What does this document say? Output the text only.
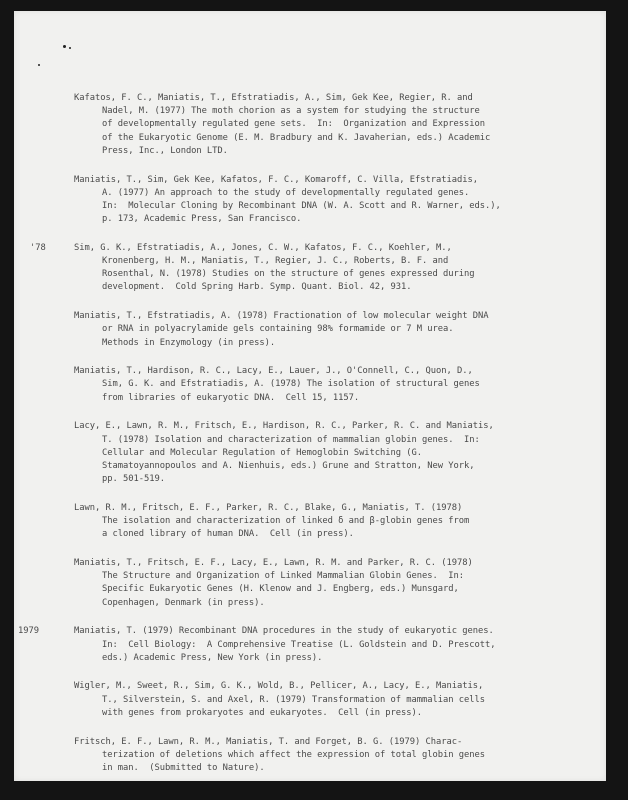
Kafatos, F. C., Maniatis, T., Efstratiadis, A., Sim, Gek Kee, Regier, R. and
Nadel, M. (1977) The moth chorion as a system for studying the structure
of developmentally regulated gene sets.  In:  Organization and Expression
of the Eukaryotic Genome (E. M. Bradbury and K. Javaherian, eds.) Academic
Press, Inc., London LTD.
Maniatis, T., Sim, Gek Kee, Kafatos, F. C., Komaroff, C. Villa, Efstratiadis,
A. (1977) An approach to the study of developmentally regulated genes.
In:  Molecular Cloning by Recombinant DNA (W. A. Scott and R. Warner, eds.),
p. 173, Academic Press, San Francisco.
'78	Sim, G. K., Efstratiadis, A., Jones, C. W., Kafatos, F. C., Koehler, M.,
Kronenberg, H. M., Maniatis, T., Regier, J. C., Roberts, B. F. and
Rosenthal, N. (1978) Studies on the structure of genes expressed during
development.  Cold Spring Harb. Symp. Quant. Biol. 42, 931.
Maniatis, T., Efstratiadis, A. (1978) Fractionation of low molecular weight DNA
or RNA in polyacrylamide gels containing 98% formamide or 7 M urea.
Methods in Enzymology (in press).
Maniatis, T., Hardison, R. C., Lacy, E., Lauer, J., O'Connell, C., Quon, D.,
Sim, G. K. and Efstratiadis, A. (1978) The isolation of structural genes
from libraries of eukaryotic DNA.  Cell 15, 1157.
Lacy, E., Lawn, R. M., Fritsch, E., Hardison, R. C., Parker, R. C. and Maniatis,
T. (1978) Isolation and characterization of mammalian globin genes.  In:
Cellular and Molecular Regulation of Hemoglobin Switching (G.
Stamatoyannopoulos and A. Nienhuis, eds.) Grune and Stratton, New York,
pp. 501-519.
Lawn, R. M., Fritsch, E. F., Parker, R. C., Blake, G., Maniatis, T. (1978)
The isolation and characterization of linked δ and β-globin genes from
a cloned library of human DNA.  Cell (in press).
Maniatis, T., Fritsch, E. F., Lacy, E., Lawn, R. M. and Parker, R. C. (1978)
The Structure and Organization of Linked Mammalian Globin Genes.  In:
Specific Eukaryotic Genes (H. Klenow and J. Engberg, eds.) Munsgard,
Copenhagen, Denmark (in press).
1979	Maniatis, T. (1979) Recombinant DNA procedures in the study of eukaryotic genes.
In:  Cell Biology:  A Comprehensive Treatise (L. Goldstein and D. Prescott,
eds.) Academic Press, New York (in press).
Wigler, M., Sweet, R., Sim, G. K., Wold, B., Pellicer, A., Lacy, E., Maniatis,
T., Silverstein, S. and Axel, R. (1979) Transformation of mammalian cells
with genes from prokaryotes and eukaryotes.  Cell (in press).
Fritsch, E. F., Lawn, R. M., Maniatis, T. and Forget, B. G. (1979) Charac-
terization of deletions which affect the expression of total globin genes
in man.  (Submitted to Nature).
